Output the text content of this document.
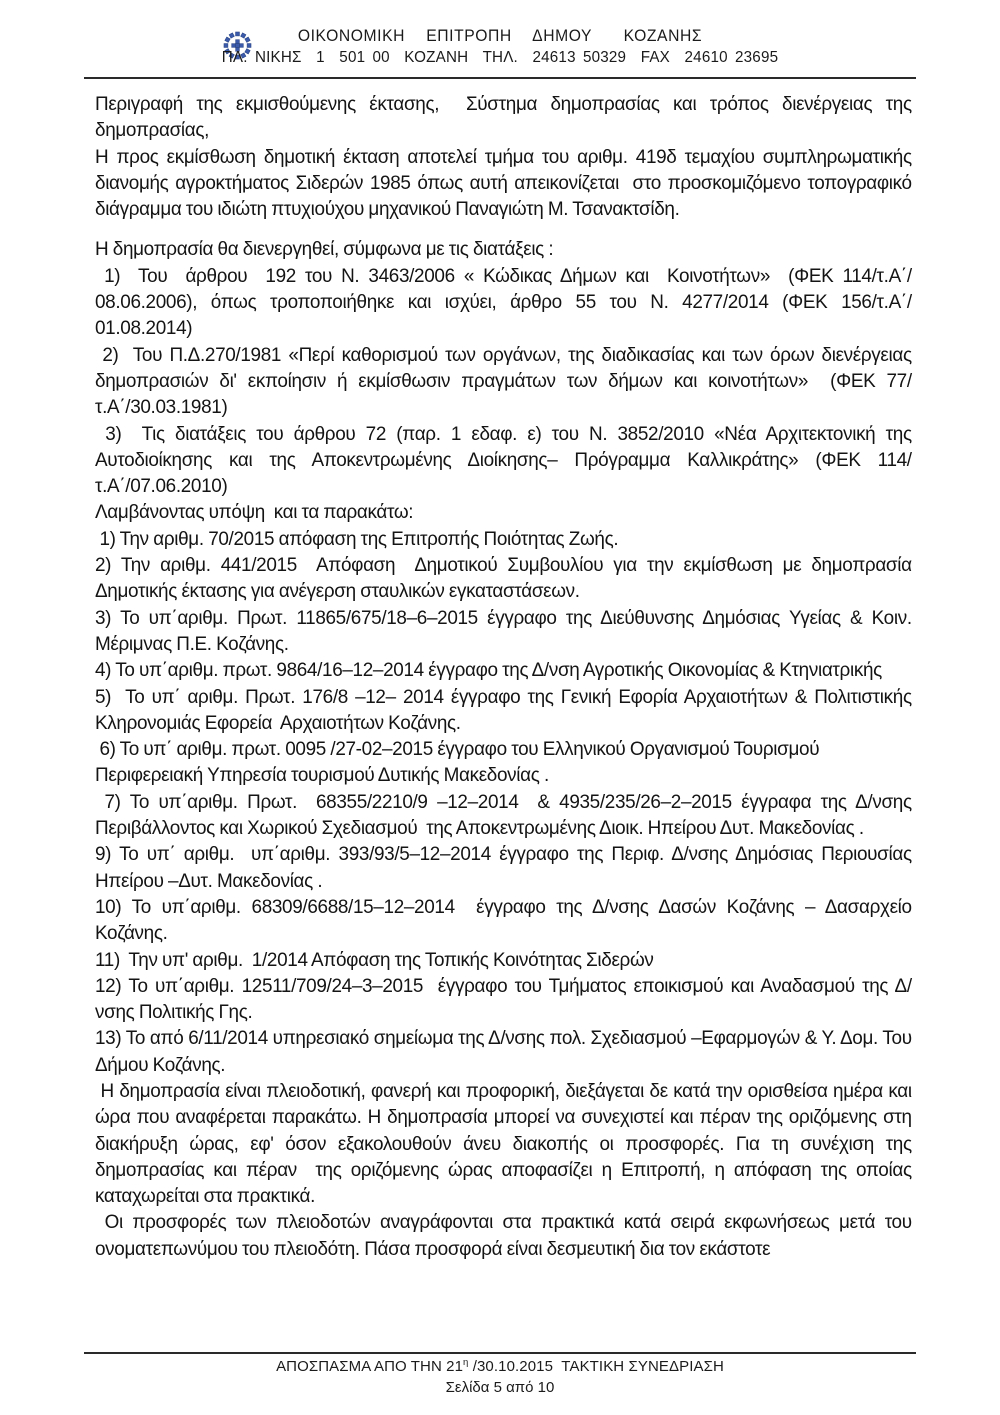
ΟΙΚΟΝΟΜΙΚΗ  ΕΠΙΤΡΟΠΗ  ΔΗΜΟΥ   ΚΟΖΑΝΗΣ
ΠΛ. ΝΙΚΗΣ  1  501 00  ΚΟΖΑΝΗ  ΤΗΛ.  24613 50329  FAX  24610 23695

Περιγραφή της εκμισθούμενης έκτασης,  Σύστημα δημοπρασίας και τρόπος διενέργειας της δημοπρασίας,

Η προς εκμίσθωση δημοτική έκταση αποτελεί τμήμα του αριθμ. 419δ τεμαχίου συμπληρωματικής διανομής αγροκτήματος Σιδερών 1985 όπως αυτή απεικονίζεται  στο προσκομιζόμενο τοπογραφικό διάγραμμα του ιδιώτη πτυχιούχου μηχανικού Παναγιώτη Μ. Τσανακτσίδη.

Η δημοπρασία θα διενεργηθεί, σύμφωνα με τις διατάξεις :

1)  Του  άρθρου  192 του Ν. 3463/2006 « Κώδικας Δήμων και  Κοινοτήτων»  (ΦΕΚ 114/τ.Α΄/ 08.06.2006), όπως τροποποιήθηκε και ισχύει, άρθρο 55 του Ν. 4277/2014 (ΦΕΚ 156/τ.Α΄/ 01.08.2014)

2)  Του Π.Δ.270/1981 «Περί καθορισμού των οργάνων, της διαδικασίας και των όρων διενέργειας δημοπρασιών δι' εκποίησιν ή εκμίσθωσιν πραγμάτων των δήμων και κοινοτήτων»  (ΦΕΚ 77/τ.Α΄/30.03.1981)

3)  Τις διατάξεις του άρθρου 72 (παρ. 1 εδαφ. ε) του Ν. 3852/2010 «Νέα Αρχιτεκτονική της Αυτοδιοίκησης και της Αποκεντρωμένης Διοίκησης– Πρόγραμμα Καλλικράτης» (ΦΕΚ 114/ τ.Α΄/07.06.2010)

Λαμβάνοντας υπόψη  και τα παρακάτω:

1) Την αριθμ. 70/2015 απόφαση της Επιτροπής Ποιότητας Ζωής.

2) Την αριθμ. 441/2015  Απόφαση  Δημοτικού Συμβουλίου για την εκμίσθωση με δημοπρασία Δημοτικής έκτασης για ανέγερση σταυλικών εγκαταστάσεων.

3) Το υπ΄αριθμ. Πρωτ. 11865/675/18–6–2015 έγγραφο της Διεύθυνσης Δημόσιας Υγείας & Κοιν. Μέριμνας Π.Ε. Κοζάνης.

4) Το υπ΄αριθμ. πρωτ. 9864/16–12–2014 έγγραφο της Δ/νση Αγροτικής Οικονομίας & Κτηνιατρικής

5)  Το υπ΄ αριθμ. Πρωτ. 176/8 –12– 2014 έγγραφο της Γενική Εφορία Αρχαιοτήτων & Πολιτιστικής Κληρονομιάς Εφορεία  Αρχαιοτήτων Κοζάνης.

6) Το υπ΄ αριθμ. πρωτ. 0095 /27-02–2015 έγγραφο του Ελληνικού Οργανισμού Τουρισμού Περιφερειακή Υπηρεσία τουρισμού Δυτικής Μακεδονίας .

7) Το υπ΄αριθμ. Πρωτ.  68355/2210/9 –12–2014  & 4935/235/26–2–2015 έγγραφα της Δ/νσης Περιβάλλοντος και Χωρικού Σχεδιασμού  της Αποκεντρωμένης Διοικ. Ηπείρου Δυτ. Μακεδονίας .

9) Το υπ΄ αριθμ.  υπ΄αριθμ. 393/93/5–12–2014 έγγραφο της Περιφ. Δ/νσης Δημόσιας Περιουσίας Ηπείρου –Δυτ. Μακεδονίας .

10) Το υπ΄αριθμ. 68309/6688/15–12–2014  έγγραφο της Δ/νσης Δασών Κοζάνης – Δασαρχείο Κοζάνης.

11)  Την υπ' αριθμ.  1/2014 Απόφαση της Τοπικής Κοινότητας Σιδερών

12) Το υπ΄αριθμ. 12511/709/24–3–2015  έγγραφο του Τμήματος εποικισμού και Αναδασμού της Δ/νσης Πολιτικής Γης.

13) Το από 6/11/2014 υπηρεσιακό σημείωμα της Δ/νσης πολ. Σχεδιασμού –Εφαρμογών & Υ. Δομ. Του Δήμου Κοζάνης.

Η δημοπρασία είναι πλειοδοτική, φανερή και προφορική, διεξάγεται δε κατά την ορισθείσα ημέρα και ώρα που αναφέρεται παρακάτω. Η δημοπρασία μπορεί να συνεχιστεί και πέραν της οριζόμενης στη διακήρυξη ώρας, εφ' όσον εξακολουθούν άνευ διακοπής οι προσφορές. Για τη συνέχιση της δημοπρασίας και πέραν  της οριζόμενης ώρας αποφασίζει η Επιτροπή, η απόφαση της οποίας καταχωρείται στα πρακτικά.

Οι προσφορές των πλειοδοτών αναγράφονται στα πρακτικά κατά σειρά εκφωνήσεως μετά του ονοματεπωνύμου του πλειοδότη. Πάσα προσφορά είναι δεσμευτική δια τον εκάστοτε

ΑΠΟΣΠΑΣΜΑ ΑΠΟ ΤΗΝ $21^\eta$ /30.10.2015  ΤΑΚΤΙΚΗ ΣΥΝΕΔΡΙΑΣΗ
Σελίδα 5 από 10
